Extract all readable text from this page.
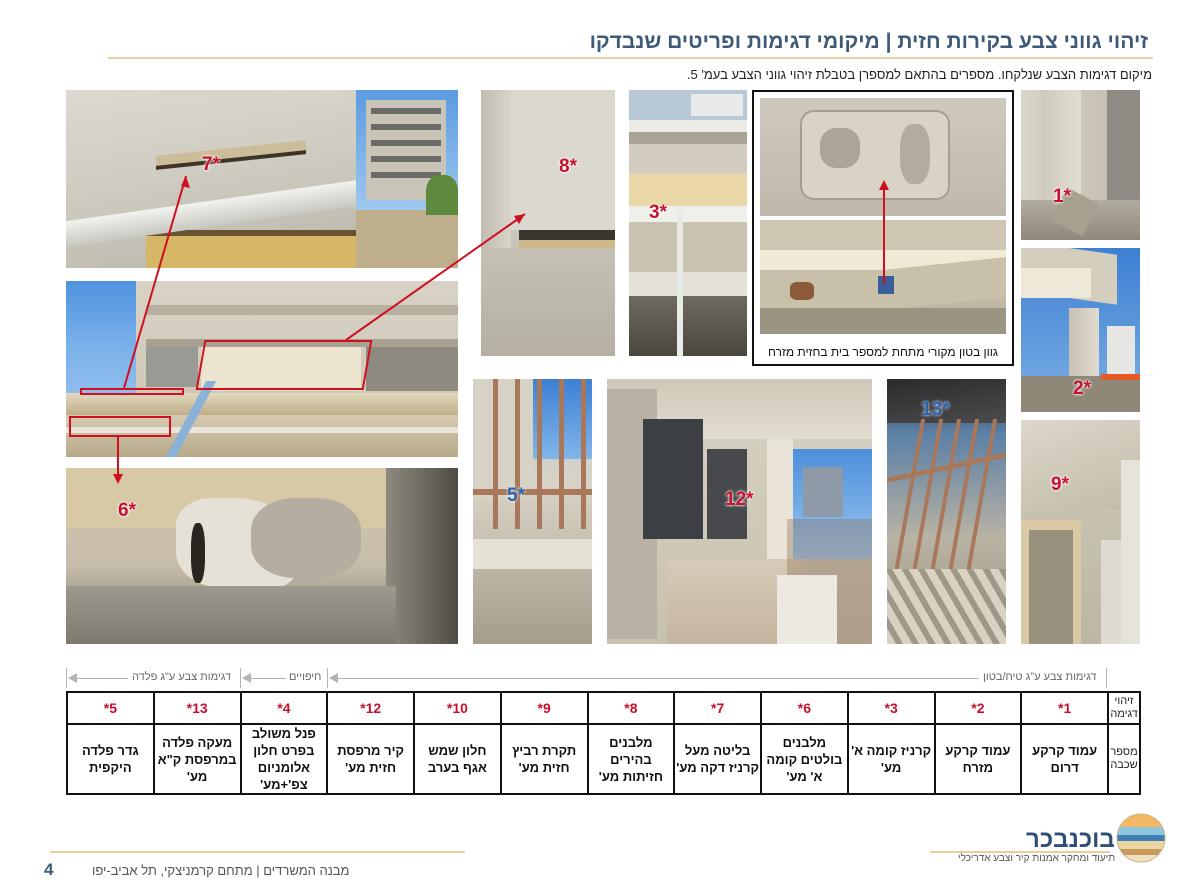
זיהוי גווני צבע בקירות חזית | מיקומי דגימות ופריטים שנבדקו
מיקום דגימות הצבע שנלקחו. מספרים בהתאם למספרן בטבלת זיהוי גווני הצבע בעמ' 5.
7*
6*
8*
3*
גוון בטון מקורי מתחת למספר בית בחזית מזרח
1*
2*
5*	12*
13*
9*
דגימות צבע ע"ג פלדה	חיפויים	דגימות צבע ע"ג טיח/בטון
זיהוי דגימה	1*	2*	3*	6*	7*	8*	9*	10*	12*	4*	13*	5*
מספר שכבה	עמוד קרקע דרום	עמוד קרקע מזרח	קרניז קומה א' מע'	מלבנים בולטים קומה א' מע'	בליטה מעל קרניז דקה מע'	מלבנים בהירים חזיתות מע'	תקרת רביץ חזית מע'	חלון שמש אגף בערב	קיר מרפסת חזית מע'	פנל משולב בפרט חלון אלומניום צפ'+מע'	מעקה פלדה במרפסת ק"א מע'	גדר פלדה היקפית
4	מבנה המשרדים | מתחם קרמניצקי, תל אביב-יפו
בוכנבכר
תיעוד ומחקר אמנות קיר וצבע אדריכלי
